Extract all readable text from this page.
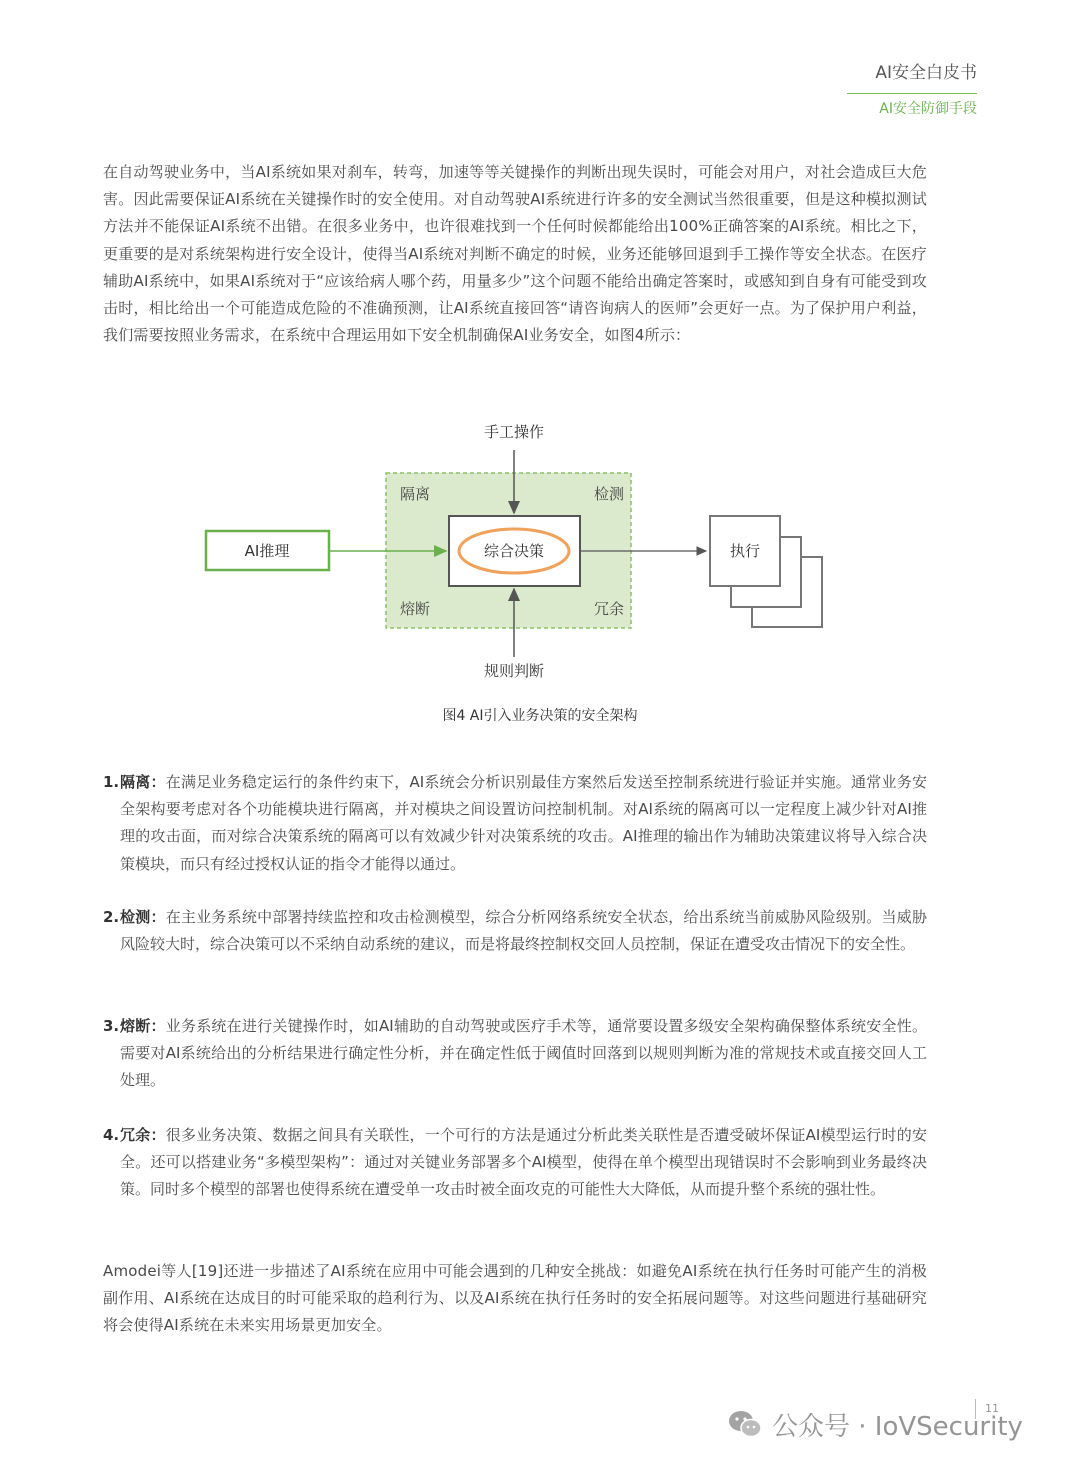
AI安全白皮书
AI安全防御手段
在自动驾驶业务中，当AI系统如果对刹车，转弯，加速等等关键操作的判断出现失误时，可能会对用户，对社会造成巨大危害。因此需要保证AI系统在关键操作时的安全使用。对自动驾驶AI系统进行许多的安全测试当然很重要，但是这种模拟测试方法并不能保证AI系统不出错。在很多业务中，也许很难找到一个任何时候都能给出100%正确答案的AI系统。相比之下，更重要的是对系统架构进行安全设计，使得当AI系统对判断不确定的时候，业务还能够回退到手工操作等安全状态。在医疗辅助AI系统中，如果AI系统对于“应该给病人哪个药，用量多少”这个问题不能给出确定答案时，或感知到自身有可能受到攻击时，相比给出一个可能造成危险的不准确预测，让AI系统直接回答“请咨询病人的医师”会更好一点。为了保护用户利益，我们需要按照业务需求，在系统中合理运用如下安全机制确保AI业务安全，如图4所示：
隔离	检测
熔断	冗余
手工操作
综合决策
AI推理	执行
规则判断
图4 AI引入业务决策的安全架构
1. 隔离：在满足业务稳定运行的条件约束下，AI系统会分析识别最佳方案然后发送至控制系统进行验证并实施。通常业务安全架构要考虑对各个功能模块进行隔离，并对模块之间设置访问控制机制。对AI系统的隔离可以一定程度上减少针对AI推理的攻击面，而对综合决策系统的隔离可以有效减少针对决策系统的攻击。AI推理的输出作为辅助决策建议将导入综合决策模块，而只有经过授权认证的指令才能得以通过。
2. 检测：在主业务系统中部署持续监控和攻击检测模型，综合分析网络系统安全状态，给出系统当前威胁风险级别。当威胁风险较大时，综合决策可以不采纳自动系统的建议，而是将最终控制权交回人员控制，保证在遭受攻击情况下的安全性。
3. 熔断：业务系统在进行关键操作时，如AI辅助的自动驾驶或医疗手术等，通常要设置多级安全架构确保整体系统安全性。需要对AI系统给出的分析结果进行确定性分析，并在确定性低于阈值时回落到以规则判断为准的常规技术或直接交回人工处理。
4. 冗余：很多业务决策、数据之间具有关联性，一个可行的方法是通过分析此类关联性是否遭受破坏保证AI模型运行时的安全。还可以搭建业务“多模型架构”：通过对关键业务部署多个AI模型，使得在单个模型出现错误时不会影响到业务最终决策。同时多个模型的部署也使得系统在遭受单一攻击时被全面攻克的可能性大大降低，从而提升整个系统的强壮性。
Amodei等人[19]还进一步描述了AI系统在应用中可能会遇到的几种安全挑战：如避免AI系统在执行任务时可能产生的消极副作用、AI系统在达成目的时可能采取的趋利行为、以及AI系统在执行任务时的安全拓展问题等。对这些问题进行基础研究将会使得AI系统在未来实用场景更加安全。
11
公众号 · IoVSecurity
